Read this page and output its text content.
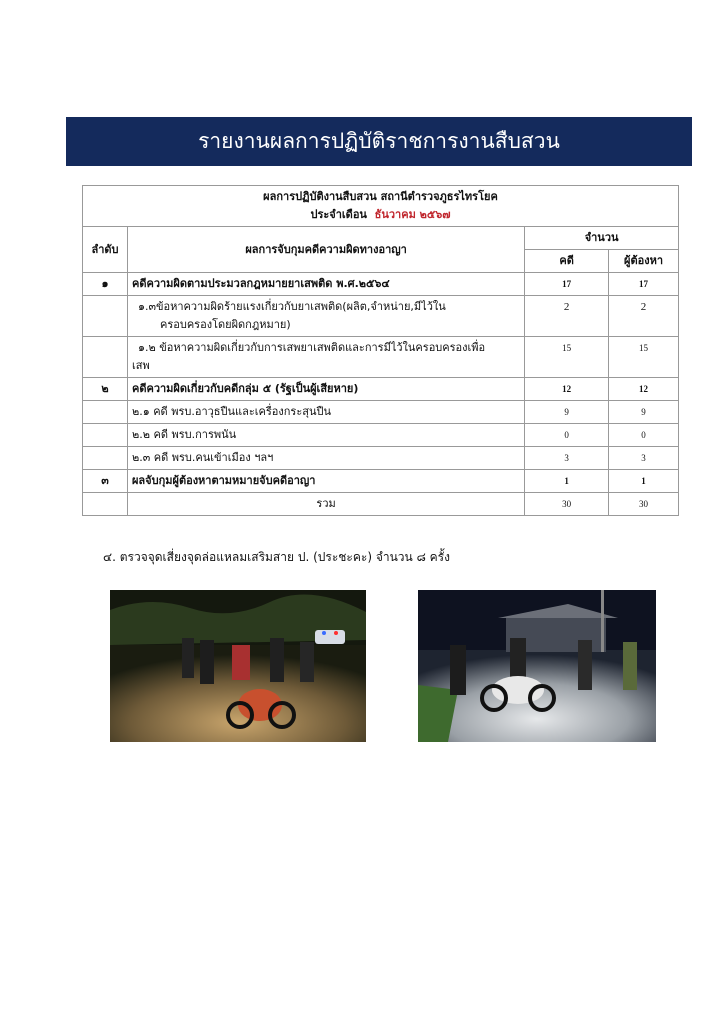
รายงานผลการปฏิบัติราชการงานสืบสวน
ผลการปฏิบัติงานสืบสวน สถานีตำรวจภูธรไทรโยค
ประจำเดือน ธันวาคม ๒๕๖๗			

ลำดับ	ผลการจับกุมคดีความผิดทางอาญา	จำนวน	
		คดี	ผู้ต้องหา
๑	คดีความผิดตามประมวลกฎหมายยาเสพติด พ.ศ.๒๕๖๔	17	17

	๑.๓ข้อหาความผิดร้ายแรงเกี่ยวกับยาเสพติด(ผลิต,จำหน่าย,มีไว้ใน
ครอบครองโดยผิดกฎหมาย)	2	2

	๑.๒ ข้อหาความผิดเกี่ยวกับการเสพยาเสพติดและการมีไว้ในครอบครองเพื่อ
เสพ	15	15
๒	คดีความผิดเกี่ยวกับคดีกลุ่ม ๕ (รัฐเป็นผู้เสียหาย)	12	12
	๒.๑ คดี พรบ.อาวุธปืนและเครื่องกระสุนปืน	9	9
	๒.๒ คดี พรบ.การพนัน	0	0
	๒.๓ คดี พรบ.คนเข้าเมือง ฯลฯ	3	3
๓	ผลจับกุมผู้ต้องหาตามหมายจับคดีอาญา	1	1
	รวม	30	30
๔. ตรวจจุดเสี่ยงจุดล่อแหลมเสริมสาย ป. (ประชะคะ) จำนวน ๘ ครั้ง
